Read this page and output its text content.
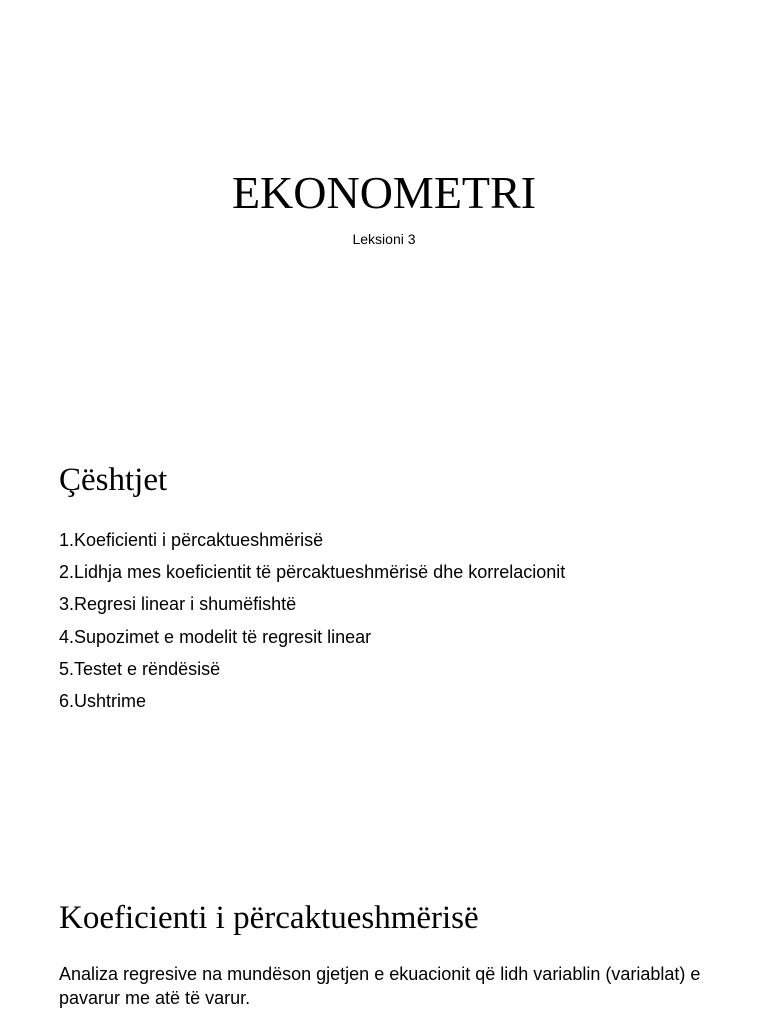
EKONOMETRI

Leksioni 3

Çështjet
1.Koeficienti i përcaktueshmërisë
2.Lidhja mes koeficientit të përcaktueshmërisë dhe korrelacionit
3.Regresi linear i shumëfishtë
4.Supozimet e modelit të regresit linear
5.Testet e rëndësisë
6.Ushtrime
Koeficienti i përcaktueshmërisë

Analiza regresive na mundëson gjetjen e ekuacionit që lidh variablin (variablat) e pavarur me atë të varur.
